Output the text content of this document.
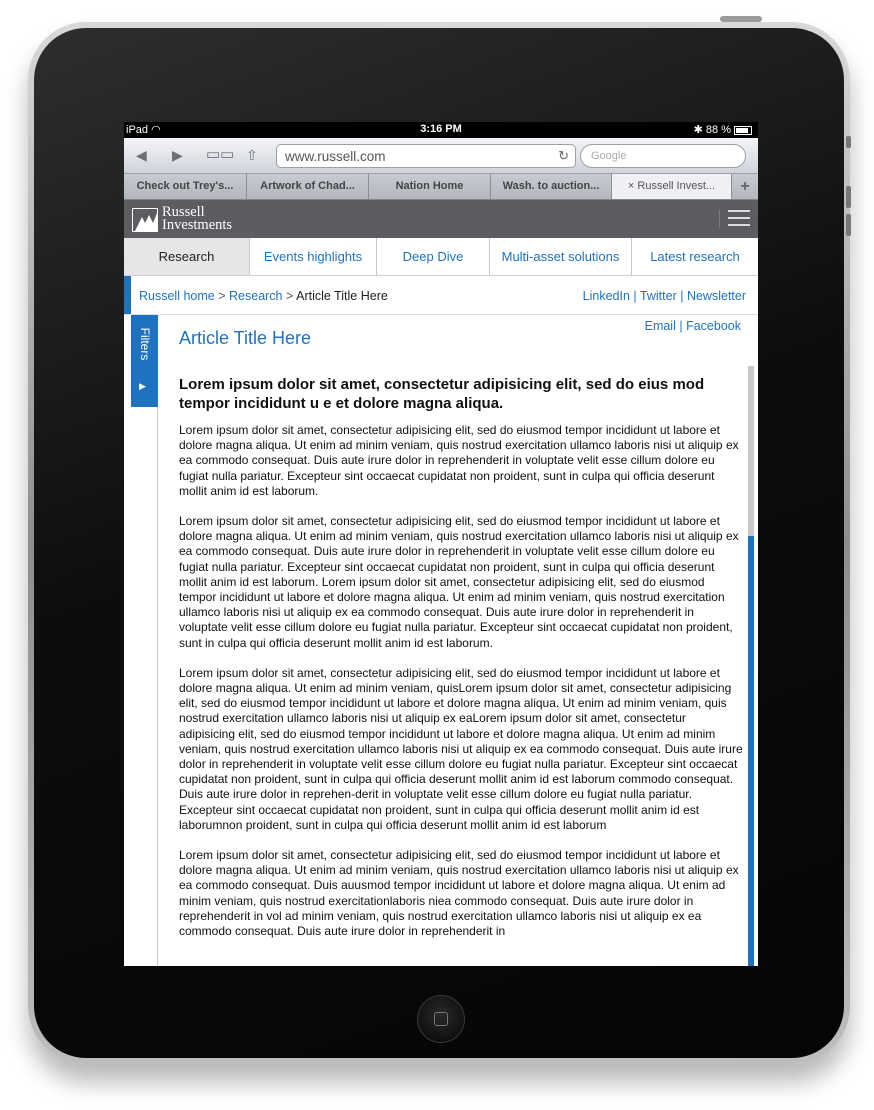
iPad ◠	3:16 PM	✱ 88 %
◀ ▶ ▭▭ ⇧	www.russell.com	↻	Google
Check out Trey's...	Artwork of Chad...	Nation Home	Wash. to auction...	× Russell Invest...	+
Russell
Investments
Research	Events highlights	Deep Dive	Multi-asset solutions	Latest research
Russell home > Research > Article Title Here	LinkedIn | Twitter | Newsletter
Email | Facebook
Filters
▶
Article Title Here
Lorem ipsum dolor sit amet, consectetur adipisicing elit, sed do eius mod tempor incididunt u e et dolore magna aliqua.

Lorem ipsum dolor sit amet, consectetur adipisicing elit, sed do eiusmod tempor incididunt ut labore et dolore magna aliqua. Ut enim ad minim veniam, quis nostrud exercitation ullamco laboris nisi ut aliquip ex ea commodo consequat. Duis aute irure dolor in reprehenderit in voluptate velit esse cillum dolore eu fugiat nulla pariatur. Excepteur sint occaecat cupidatat non proident, sunt in culpa qui officia deserunt mollit anim id est laborum.

Lorem ipsum dolor sit amet, consectetur adipisicing elit, sed do eiusmod tempor incididunt ut labore et dolore magna aliqua. Ut enim ad minim veniam, quis nostrud exercitation ullamco laboris nisi ut aliquip ex ea commodo consequat. Duis aute irure dolor in reprehenderit in voluptate velit esse cillum dolore eu fugiat nulla pariatur. Excepteur sint occaecat cupidatat non proident, sunt in culpa qui officia deserunt mollit anim id est laborum. Lorem ipsum dolor sit amet, consectetur adipisicing elit, sed do eiusmod tempor incididunt ut labore et dolore magna aliqua. Ut enim ad minim veniam, quis nostrud exercitation ullamco laboris nisi ut aliquip ex ea commodo consequat. Duis aute irure dolor in reprehenderit in voluptate velit esse cillum dolore eu fugiat nulla pariatur. Excepteur sint occaecat cupidatat non proident, sunt in culpa qui officia deserunt mollit anim id est laborum.

Lorem ipsum dolor sit amet, consectetur adipisicing elit, sed do eiusmod tempor incididunt ut labore et dolore magna aliqua. Ut enim ad minim veniam, quisLorem ipsum dolor sit amet, consectetur adipisicing elit, sed do eiusmod tempor incididunt ut labore et dolore magna aliqua. Ut enim ad minim veniam, quis nostrud exercitation ullamco laboris nisi ut aliquip ex eaLorem ipsum dolor sit amet, consectetur adipisicing elit, sed do eiusmod tempor incididunt ut labore et dolore magna aliqua. Ut enim ad minim veniam, quis nostrud exercitation ullamco laboris nisi ut aliquip ex ea commodo consequat. Duis aute irure dolor in reprehenderit in voluptate velit esse cillum dolore eu fugiat nulla pariatur. Excepteur sint occaecat cupidatat non proident, sunt in culpa qui officia deserunt mollit anim id est laborum commodo consequat. Duis aute irure dolor in reprehen-derit in voluptate velit esse cillum dolore eu fugiat nulla pariatur. Excepteur sint occaecat cupidatat non proident, sunt in culpa qui officia deserunt mollit anim id est laborumnon proident, sunt in culpa qui officia deserunt mollit anim id est laborum

Lorem ipsum dolor sit amet, consectetur adipisicing elit, sed do eiusmod tempor incididunt ut labore et dolore magna aliqua. Ut enim ad minim veniam, quis nostrud exercitation ullamco laboris nisi ut aliquip ex ea commodo consequat. Duis auusmod tempor incididunt ut labore et dolore magna aliqua. Ut enim ad minim veniam, quis nostrud exercitationlaboris niea commodo consequat. Duis aute irure dolor in reprehenderit in vol ad minim veniam, quis nostrud exercitation ullamco laboris nisi ut aliquip ex ea commodo consequat. Duis aute irure dolor in reprehenderit in
